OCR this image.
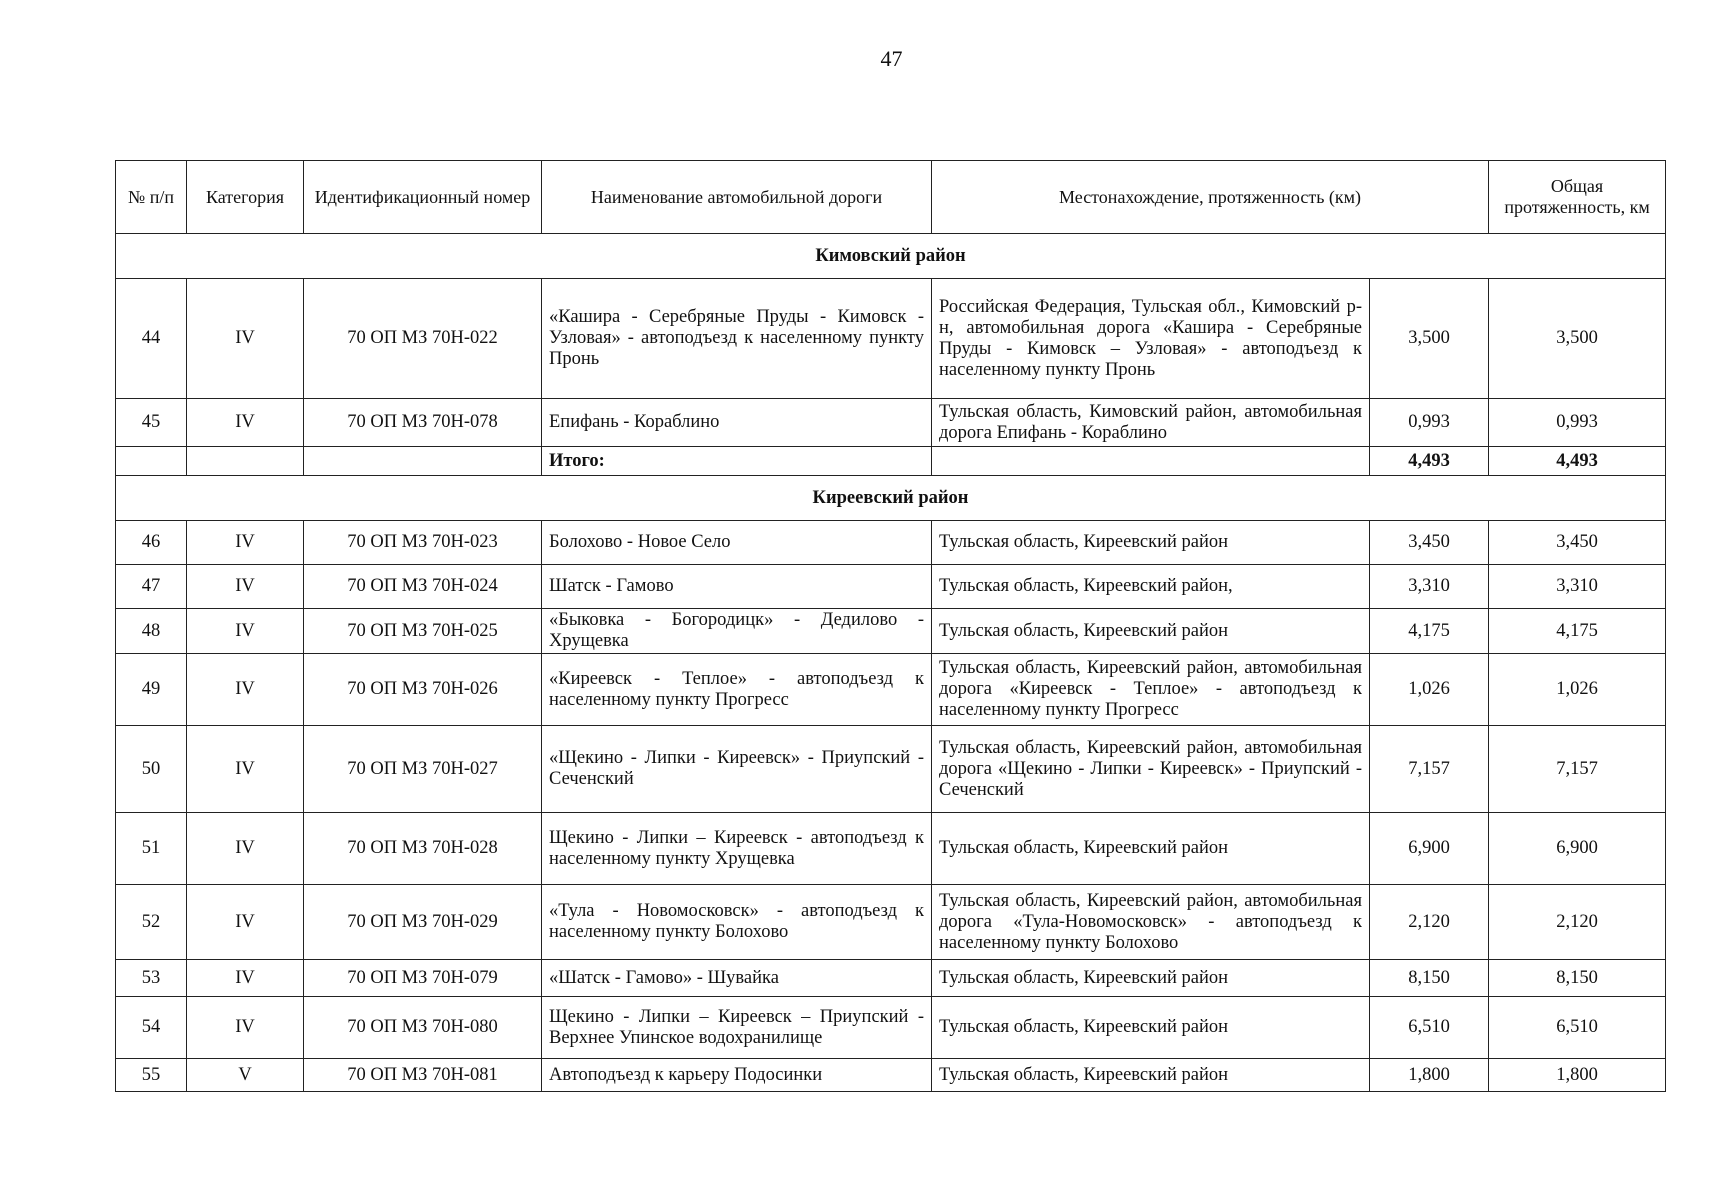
47
№ п/п	Категория	Идентификационный номер	Наименование автомобильной дороги	Местонахождение, протяженность (км)		Общая протяженность, км
Кимовский район						
44	IV	70 ОП МЗ 70Н-022	«Кашира - Серебряные Пруды - Кимовск - Узловая» - автоподъезд к населенному пункту Пронь	Российская Федерация, Тульская обл., Кимовский р-н, автомобильная дорога «Кашира - Серебряные Пруды - Кимовск – Узловая» - автоподъезд к населенному пункту Пронь	3,500	3,500
45	IV	70 ОП МЗ 70Н-078	Епифань - Кораблино	Тульская область, Кимовский район, автомобильная дорога Епифань - Кораблино	0,993	0,993
			Итого:		4,493	4,493
Киреевский район						
46	IV	70 ОП МЗ 70Н-023	Болохово - Новое Село	Тульская область, Киреевский район	3,450	3,450
47	IV	70 ОП МЗ 70Н-024	Шатск - Гамово	Тульская область, Киреевский район,	3,310	3,310
48	IV	70 ОП МЗ 70Н-025	«Быковка - Богородицк» - Дедилово - Хрущевка	Тульская область, Киреевский район	4,175	4,175
49	IV	70 ОП МЗ 70Н-026	«Киреевск - Теплое» - автоподъезд к населенному пункту Прогресс	Тульская область, Киреевский район, автомобильная дорога «Киреевск - Теплое» - автоподъезд к населенному пункту Прогресс	1,026	1,026
50	IV	70 ОП МЗ 70Н-027	«Щекино - Липки - Киреевск» - Приупский - Сеченский	Тульская область, Киреевский район, автомобильная дорога «Щекино - Липки - Киреевск» - Приупский - Сеченский	7,157	7,157
51	IV	70 ОП МЗ 70Н-028	Щекино - Липки – Киреевск - автоподъезд к населенному пункту Хрущевка	Тульская область, Киреевский район	6,900	6,900
52	IV	70 ОП МЗ 70Н-029	«Тула - Новомосковск» - автоподъезд к населенному пункту Болохово	Тульская область, Киреевский район, автомобильная дорога «Тула-Новомосковск» - автоподъезд к населенному пункту Болохово	2,120	2,120
53	IV	70 ОП МЗ 70Н-079	«Шатск - Гамово» - Шувайка	Тульская область, Киреевский район	8,150	8,150
54	IV	70 ОП МЗ 70Н-080	Щекино - Липки – Киреевск – Приупский - Верхнее Упинское водохранилище	Тульская область, Киреевский район	6,510	6,510
55	V	70 ОП МЗ 70Н-081	Автоподъезд к карьеру Подосинки	Тульская область, Киреевский район	1,800	1,800
